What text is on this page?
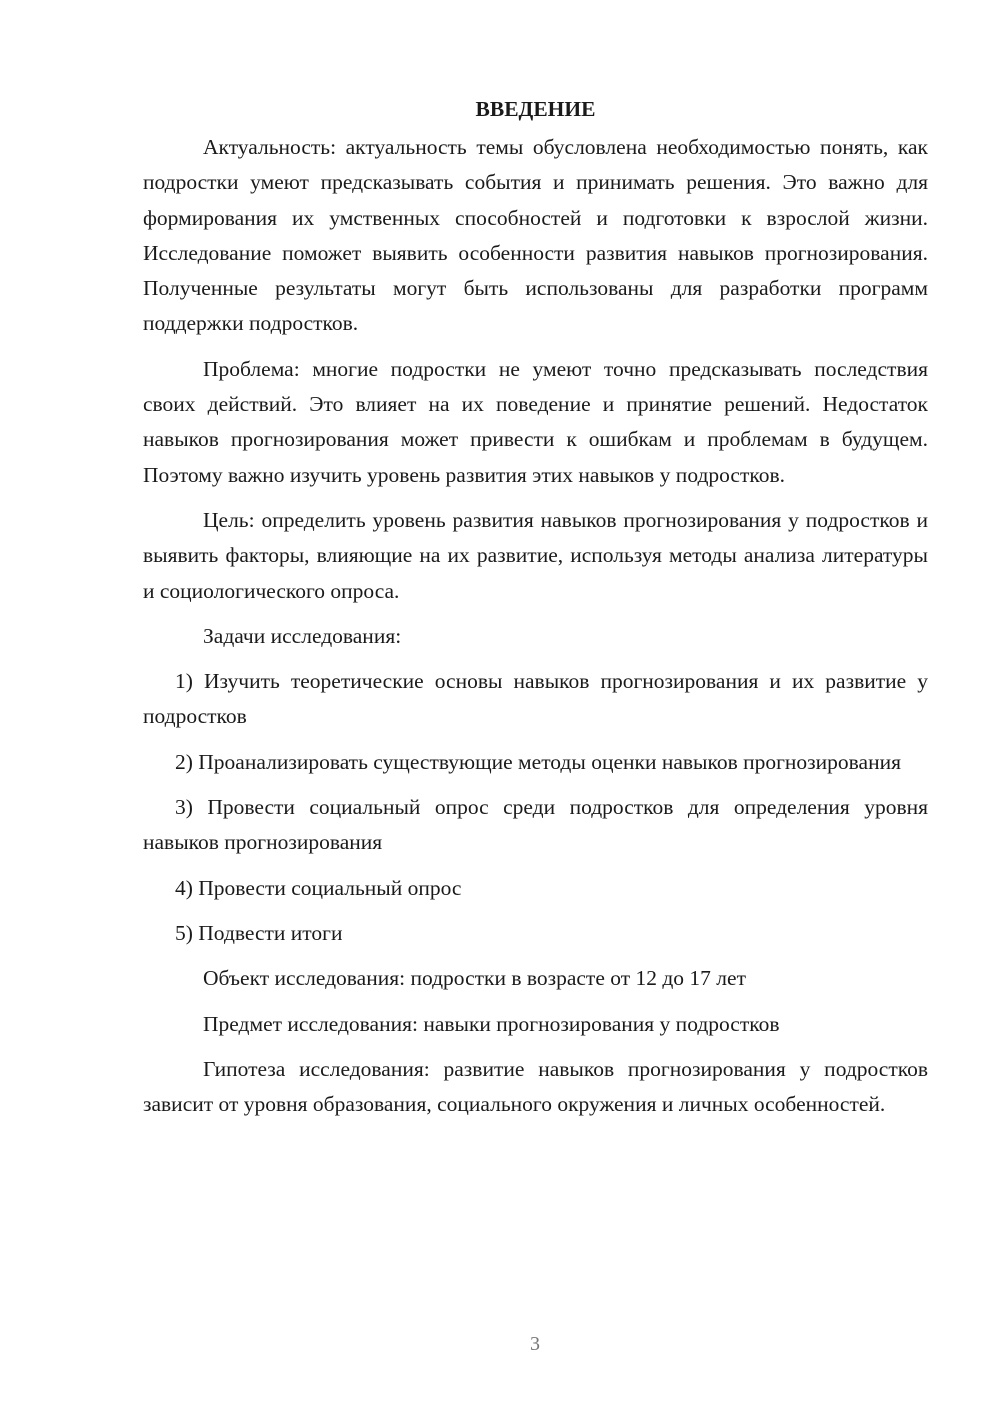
ВВЕДЕНИЕ

Актуальность: актуальность темы обусловлена необходимостью понять, как подростки умеют предсказывать события и принимать решения. Это важно для формирования их умственных способностей и подготовки к взрослой жизни. Исследование поможет выявить особенности развития навыков прогнозирования. Полученные результаты могут быть использованы для разработки программ поддержки подростков.

Проблема: многие подростки не умеют точно предсказывать последствия своих действий. Это влияет на их поведение и принятие решений. Недостаток навыков прогнозирования может привести к ошибкам и проблемам в будущем. Поэтому важно изучить уровень развития этих навыков у подростков.

Цель: определить уровень развития навыков прогнозирования у подростков и выявить факторы, влияющие на их развитие, используя методы анализа литературы и социологического опроса.

Задачи исследования:

1) Изучить теоретические основы навыков прогнозирования и их развитие у подростков

2) Проанализировать существующие методы оценки навыков прогнозирования

3) Провести социальный опрос среди подростков для определения уровня навыков прогнозирования

4) Провести социальный опрос

5) Подвести итоги

Объект исследования: подростки в возрасте от 12 до 17 лет

Предмет исследования: навыки прогнозирования у подростков

Гипотеза исследования: развитие навыков прогнозирования у подростков зависит от уровня образования, социального окружения и личных особенностей.

3
